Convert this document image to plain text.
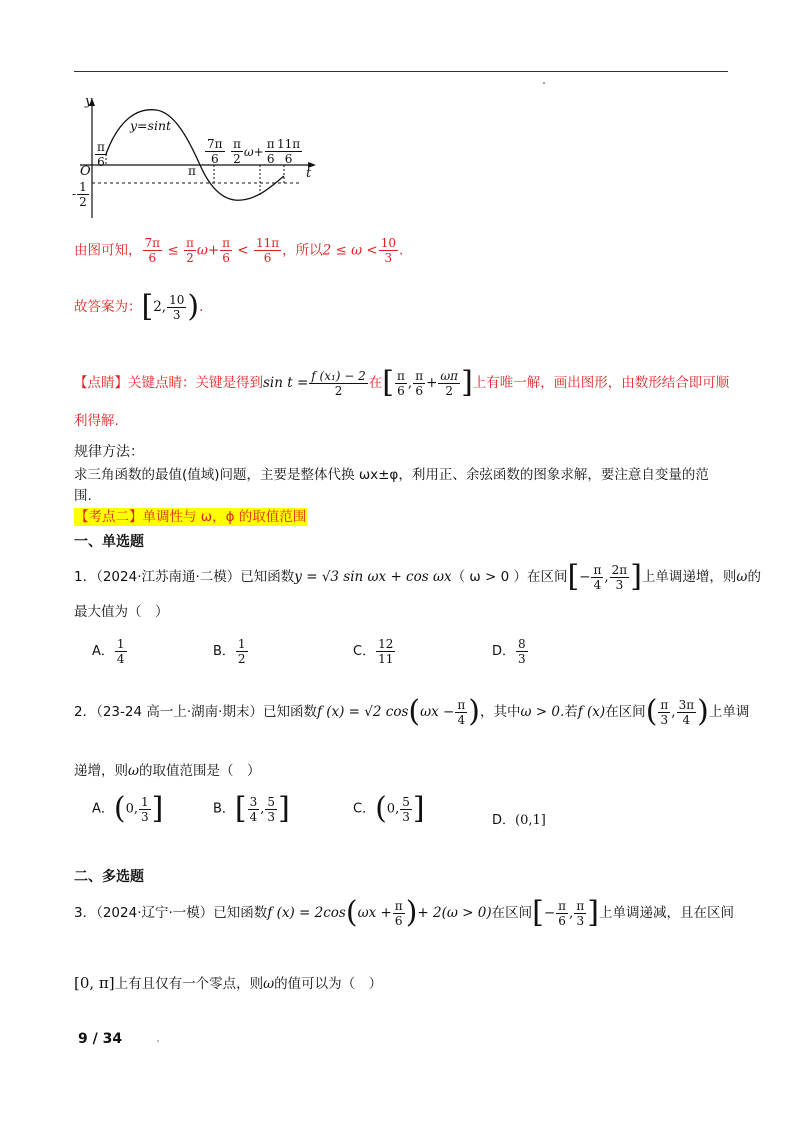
y
y=sint
t
O	π
$\frac{\pi}{6}$
- $\frac{1}{2}$
$\frac{7\pi}{6} \frac{\pi}{2} \omega+ \frac{\pi}{6}$
$\frac{11\pi}{6}$
由图可知， $\frac{7\pi}{6} \le \frac{\pi}{2} \omega+ \frac{\pi}{6} < \frac{11\pi}{6}$ ，所以$2 \le \omega < \frac{10}{3}$ .
故答案为：[2, $\frac{10}{3}$ ).
【点睛】关键点睛：关键是得到$\sin t = \frac{\text{f (x₁) − 2}}{2}$ 在[ $\frac{\pi}{6}$ , $\frac{\pi}{6} + \frac{\omega\pi}{2}$ ]上有唯一解，画出图形，由数形结合即可顺
利得解.
规律方法：
求三角函数的最值(值域)问题，主要是整体代换 ωx±φ，利用正、余弦函数的图象求解，要注意自变量的范
围.
【考点二】单调性与 ω，ϕ 的取值范围
一、单选题
1．（2024·江苏南通·二模）已知函数y = √3 sin ωx + cos ωx（ ω > 0 ）在区间[− $\frac{\pi}{4}$ , $\frac{2\pi}{3}$ ]上单调递增，则ω的
最大值为（　）
A． $\frac{1}{4}$	B． $\frac{1}{2}$	C． $\frac{12}{11}$	D． $\frac{8}{3}$
2．（23-24 高一上·湖南·期末）已知函数f (x) = √2 $\cos(\omega x - \frac{\pi}{4}$ )，其中ω > 0.若f (x)在区间( $\frac{\pi}{3}$ , $\frac{3\pi}{4}$ )上单调
递增，则ω的取值范围是（　）
A．(0, $\frac{1}{3}$ ]	B．[ $\frac{3}{4}$ , $\frac{5}{3}$ ]	C．(0, $\frac{5}{3}$ ]	D．(0,1]
二、多选题
3．（2024·辽宁·一模）已知函数f $(x) = 2\cos(\omega x + \frac{\pi}{6}$ )+ 2(ω > 0)在区间[− $\frac{\pi}{6}$ , $\frac{\pi}{3}$ ]上单调递减，且在区间
[0, π]上有且仅有一个零点，则ω的值可以为（　）
9 / 34
